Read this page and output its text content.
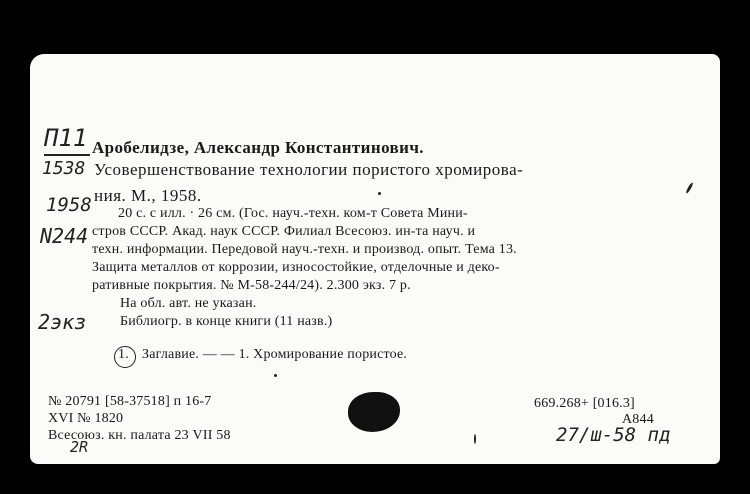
П11
1538
1958
N244
2экз
Аробелидзе, Александр Константинович.
Усовершенствование технологии пористого хромирова-
ния. М., 1958.
20 с. с илл. · 26 см. (Гос. науч.-техн. ком-т Совета Мини-
стров СССР. Акад. наук СССР. Филиал Всесоюз. ин-та науч. и
техн. информации. Передовой науч.-техн. и производ. опыт. Тема 13.
Защита металлов от коррозии, износостойкие, отделочные и деко-
ративные покрытия. № М-58-244/24). 2.300 экз. 7 р.
На обл. авт. не указан.
Библиогр. в конце книги (11 назв.)
1. Заглавие. — — 1. Хромирование пористое.
№ 20791 [58-37518] п 16-7
XVI № 1820
Всесоюз. кн. палата 23 VII 58
669.268+ [016.3]
А844
27/ш-58 пд
2R
